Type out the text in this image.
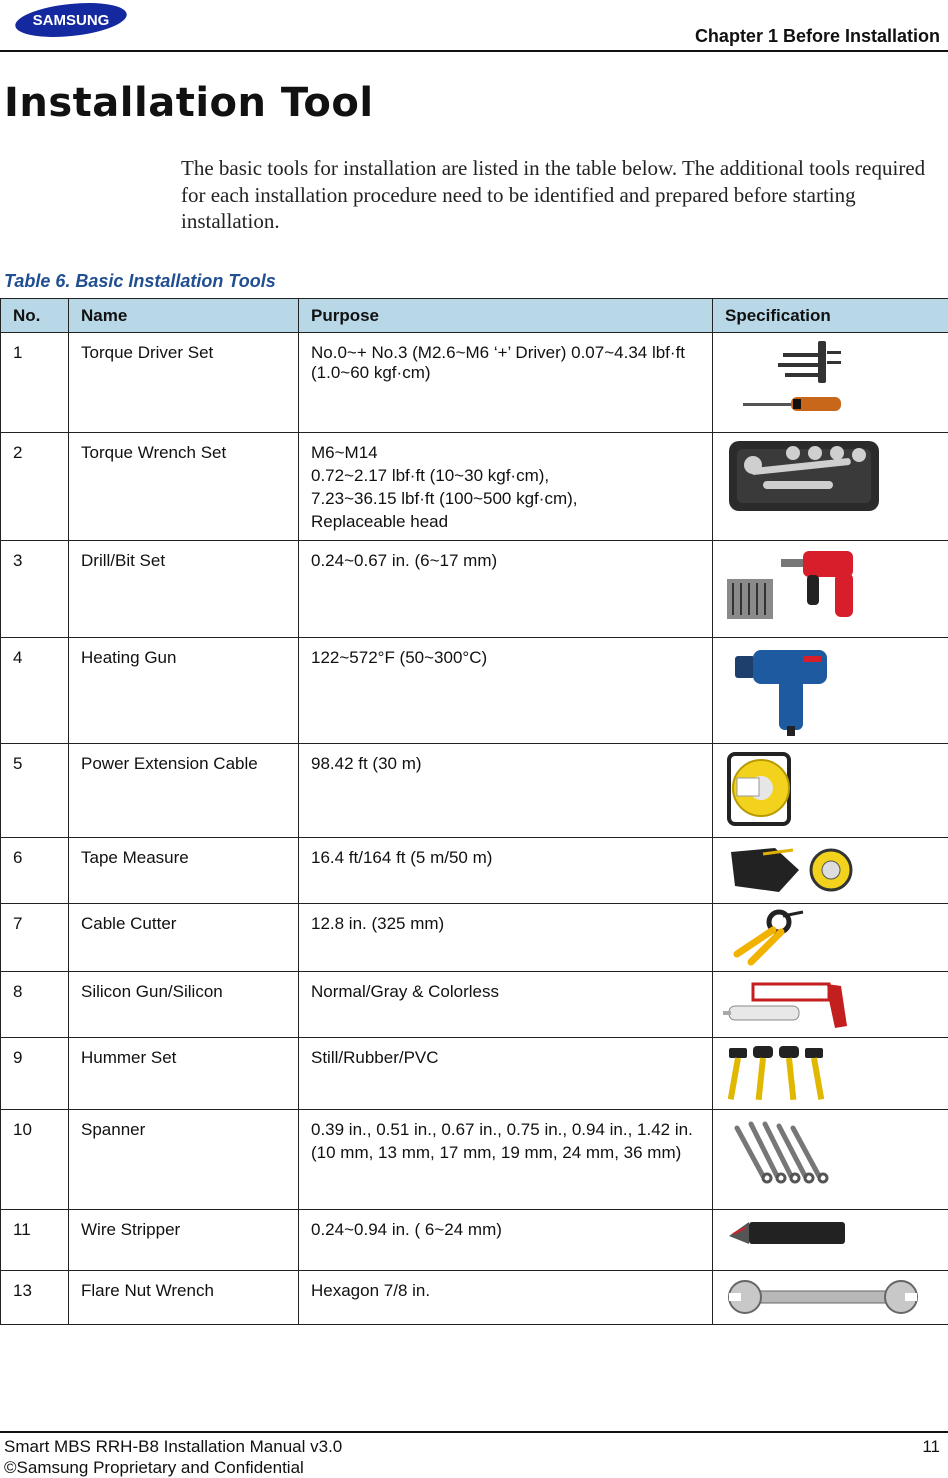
SAMSUNG
Chapter 1 Before Installation
Installation Tool

The basic tools for installation are listed in the table below. The additional tools required for each installation procedure need to be identified and prepared before starting installation.

Table 6. Basic Installation Tools
No.	Name	Purpose	Specification
1	Torque Driver Set	No.0~+ No.3 (M2.6~M6 ‘+’ Driver) 0.07~4.34 lbf·ft (1.0~60 kgf·cm)

2	Torque Wrench Set	M6~M14
0.72~2.17 lbf·ft (10~30 kgf·cm),
7.23~36.15 lbf·ft (100~500 kgf·cm),
Replaceable head

3	Drill/Bit Set	0.24~0.67 in. (6~17 mm)

4	Heating Gun	122~572°F (50~300°C)

5	Power Extension Cable	98.42 ft (30 m)

6	Tape Measure	16.4 ft/164 ft (5 m/50 m)

7	Cable Cutter	12.8 in. (325 mm)

8	Silicon Gun/Silicon	Normal/Gray & Colorless

9	Hummer Set	Still/Rubber/PVC

10	Spanner	0.39 in., 0.51 in., 0.67 in., 0.75 in., 0.94 in., 1.42 in.
(10 mm, 13 mm, 17 mm, 19 mm, 24 mm, 36 mm)

11	Wire Stripper	0.24~0.94 in. ( 6~24 mm)

13	Flare Nut Wrench	Hexagon 7/8 in.

Smart MBS RRH-B8 Installation Manual v3.0
©Samsung Proprietary and Confidential
11
